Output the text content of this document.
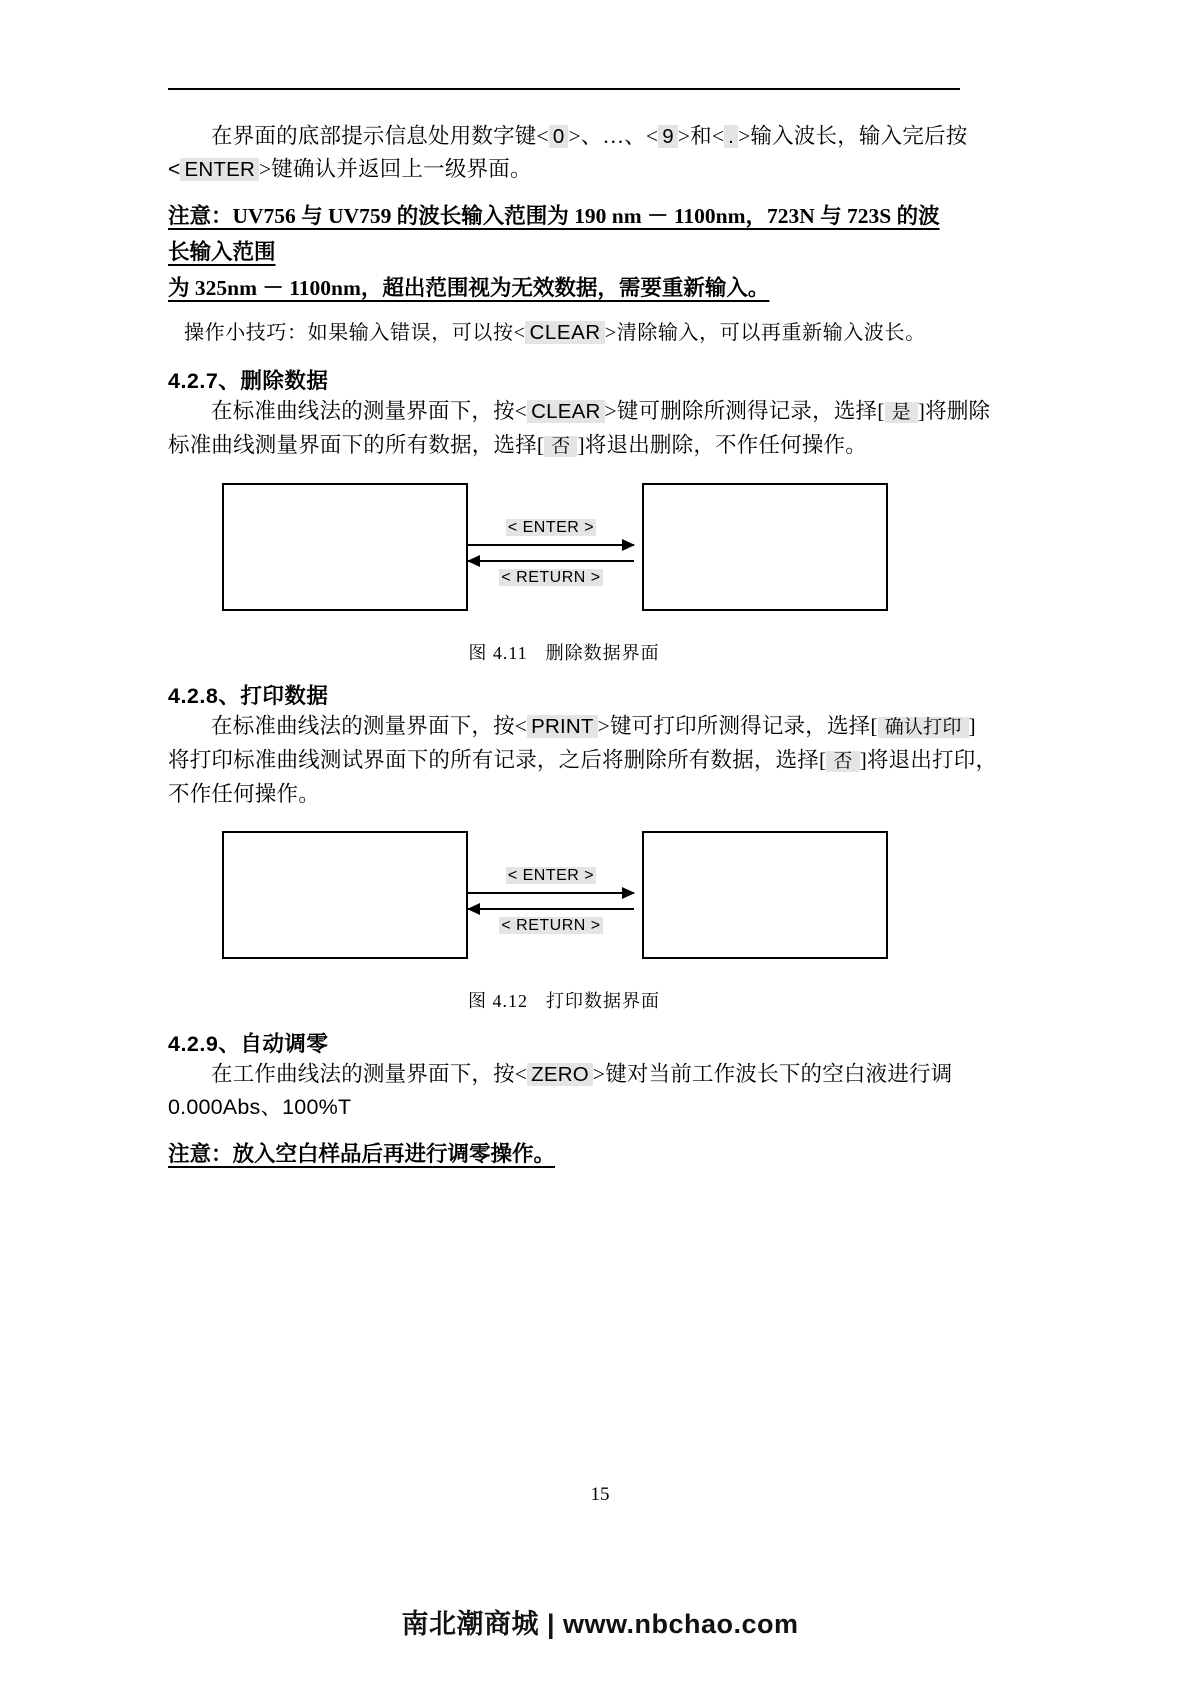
在界面的底部提示信息处用数字键< 0 >、…、< 9 >和< . >输入波长，输入完后按

< ENTER >键确认并返回上一级界面。

注意：UV756 与 UV759 的波长输入范围为 190 nm － 1100nm，723N 与 723S 的波长输入范围
为 325nm － 1100nm，超出范围视为无效数据，需要重新输入。

操作小技巧：如果输入错误，可以按< CLEAR >清除输入，可以再重新输入波长。

4.2.7、删除数据

在标准曲线法的测量界面下，按< CLEAR >键可删除所测得记录，选择[ 是 ]将删除

标准曲线测量界面下的所有数据，选择[ 否 ]将退出删除，不作任何操作。

< ENTER >
< RETURN >
图 4.11 删除数据界面
4.2.8、打印数据

在标准曲线法的测量界面下，按< PRINT >键可打印所测得记录，选择[ 确认打印 ]

将打印标准曲线测试界面下的所有记录，之后将删除所有数据，选择[ 否 ]将退出打印，

不作任何操作。

< ENTER >
< RETURN >
图 4.12 打印数据界面
4.2.9、自动调零

在工作曲线法的测量界面下，按< ZERO >键对当前工作波长下的空白液进行调

0.000Abs、100%T

注意：放入空白样品后再进行调零操作。

15
南北潮商城 | www.nbchao.com
